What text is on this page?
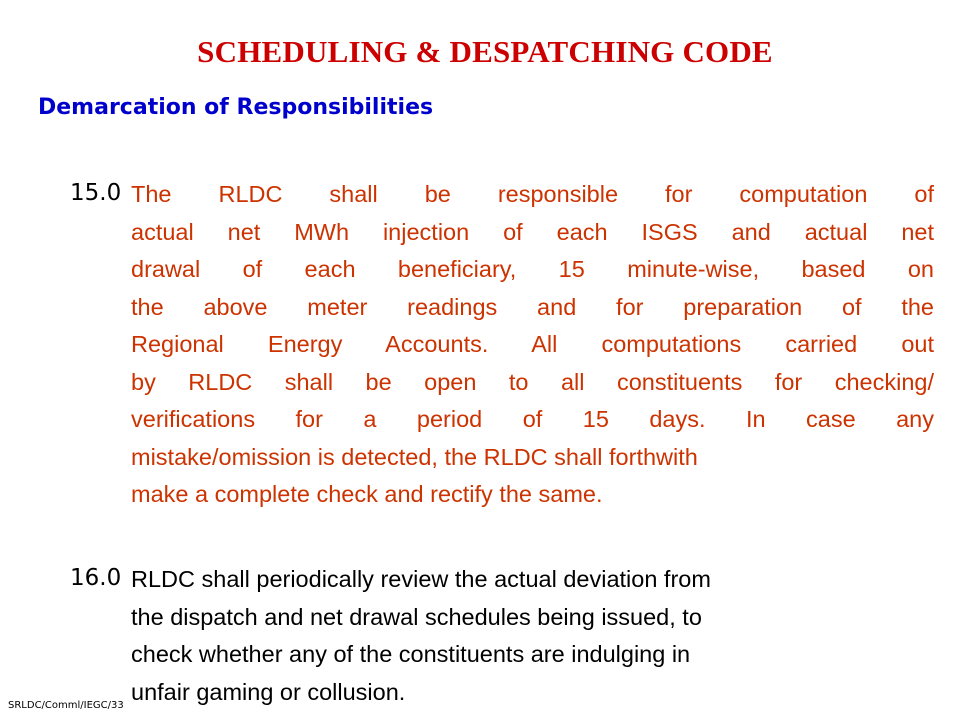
SCHEDULING & DESPATCHING CODE
Demarcation of Responsibilities
15.0 The RLDC shall be responsible for computation of
actual net MWh injection of each ISGS and actual net
drawal of each beneficiary, 15 minute-wise, based on
the above meter readings and for preparation of the
Regional Energy Accounts. All computations carried out
by RLDC shall be open to all constituents for checking/
verifications for a period of 15 days. In case any
mistake/omission is detected, the RLDC shall forthwith
make a complete check and rectify the same.
16.0 RLDC shall periodically review the actual deviation from
the dispatch and net drawal schedules being issued, to
check whether any of the constituents are indulging in
unfair gaming or collusion.
SRLDC/Comml/IEGC/33
